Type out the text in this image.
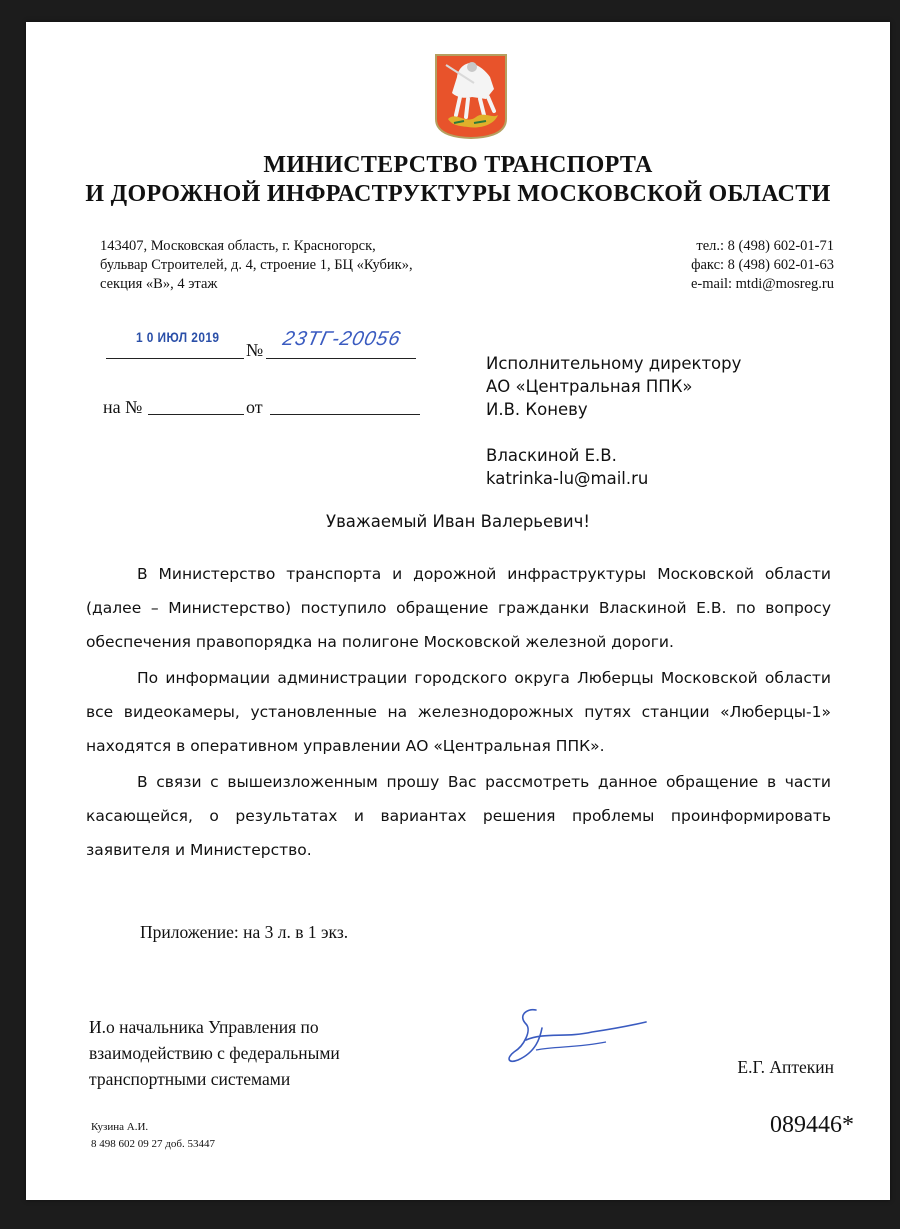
МИНИСТЕРСТВО ТРАНСПОРТА
И ДОРОЖНОЙ ИНФРАСТРУКТУРЫ МОСКОВСКОЙ ОБЛАСТИ
143407, Московская область, г. Красногорск,
бульвар Строителей, д. 4, строение 1, БЦ «Кубик»,
секция «В», 4 этаж
тел.: 8 (498) 602-01-71
факс: 8 (498) 602-01-63
e-mail: mtdi@mosreg.ru
1 0 ИЮЛ 2019
№ 23ТГ-20056
на №	от
Исполнительному директору
АО «Центральная ППК»
И.В. Коневу
Власкиной Е.В.
katrinka-lu@mail.ru
Уважаемый Иван Валерьевич!

В Министерство транспорта и дорожной инфраструктуры Московской области (далее – Министерство) поступило обращение гражданки Власкиной Е.В. по вопросу обеспечения правопорядка на полигоне Московской железной дороги.

По информации администрации городского округа Люберцы Московской области все видеокамеры, установленные на железнодорожных путях станции «Люберцы-1» находятся в оперативном управлении АО «Центральная ППК».

В связи с вышеизложенным прошу Вас рассмотреть данное обращение в части касающейся, о результатах и вариантах решения проблемы проинформировать заявителя и Министерство.

Приложение: на 3 л. в 1 экз.
И.о начальника Управления по
взаимодействию с федеральными
транспортными системами
Е.Г. Аптекин
Кузина А.И.
8 498 602 09 27 доб. 53447
089446*
